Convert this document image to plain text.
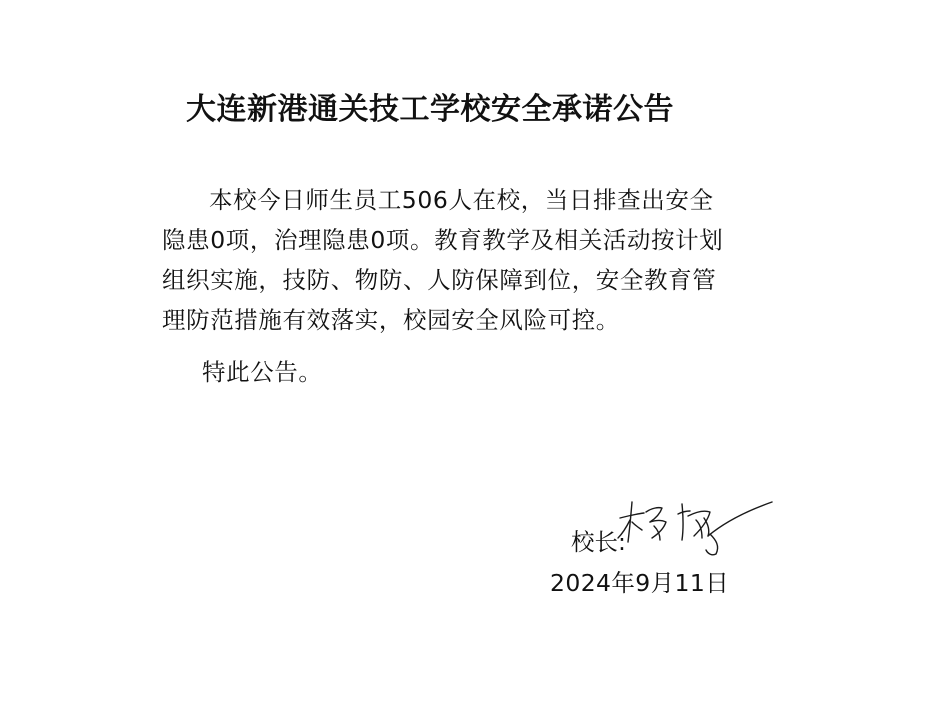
大连新港通关技工学校安全承诺公告

本校今日师生员工506人在校，当日排查出安全隐患0项，治理隐患0项。教育教学及相关活动按计划组织实施，技防、物防、人防保障到位，安全教育管理防范措施有效落实，校园安全风险可控。

特此公告。
校长:
2024年9月11日
